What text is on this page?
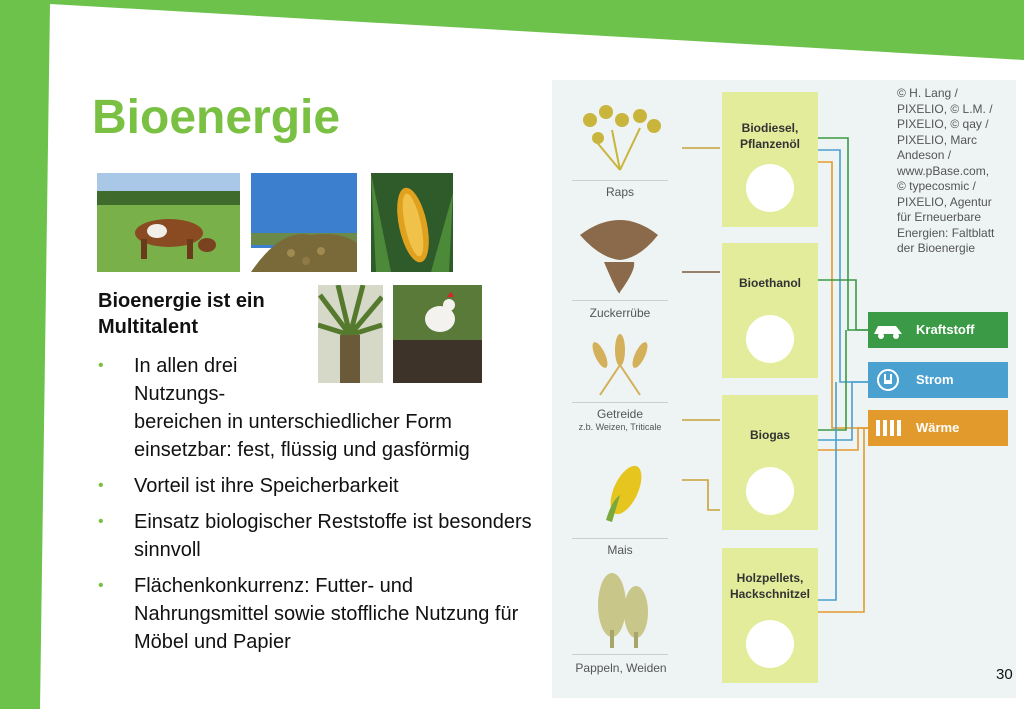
Bioenergie
Bioenergie ist ein Multitalent
• In allen drei
Nutzungs-
bereichen in unterschiedlicher Form einsetzbar: fest, flüssig und gasförmig
• Vorteil ist ihre Speicherbarkeit
• Einsatz biologischer Reststoffe ist besonders sinnvoll
• Flächenkonkurrenz: Futter- und Nahrungsmittel sowie stoffliche Nutzung für Möbel und Papier
Raps
Zuckerrübe
Getreide
z.b. Weizen, Triticale
Mais
Pappeln, Weiden
Biodiesel,
Pflanzenöl
Bioethanol
Biogas
Holzpellets,
Hackschnitzel
Kraftstoff
Strom
Wärme
© H. Lang /
PIXELIO, © L.M. /
PIXELIO, © qay /
PIXELIO, Marc
Andeson /
www.pBase.com,
© typecosmic /
PIXELIO, Agentur
für Erneuerbare
Energien: Faltblatt
der Bioenergie
30
